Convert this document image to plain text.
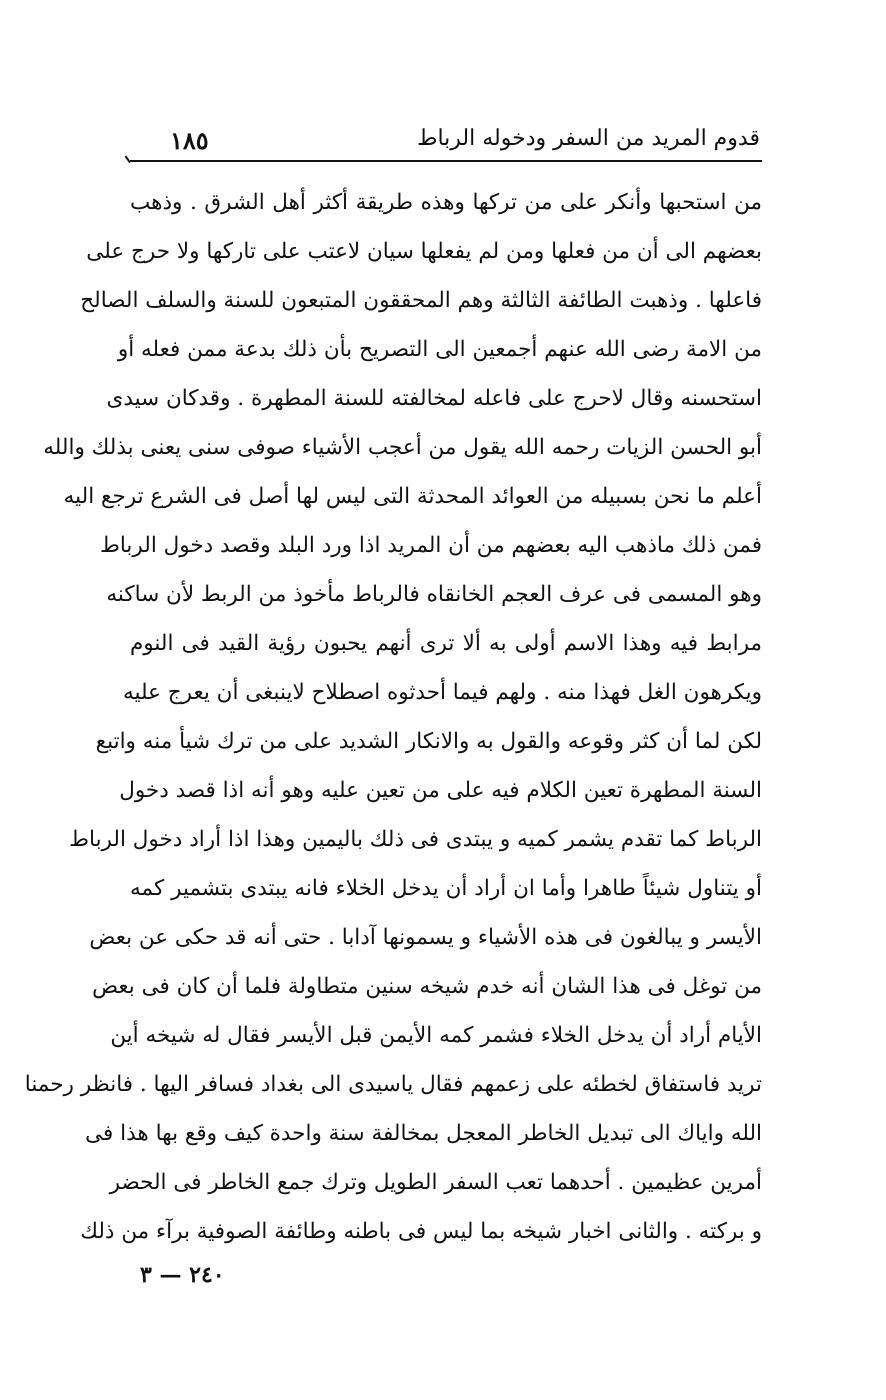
١٨٥	قدوم المريد من السفر ودخوله الرباط
من استحبها وأنكر على من تركها وهذه طريقة أكثر أهل الشرق . وذهب
بعضهم الى أن من فعلها ومن لم يفعلها سيان لاعتب على تاركها ولا حرج على
فاعلها . وذهبت الطائفة الثالثة وهم المحققون المتبعون للسنة والسلف الصالح
من الامة رضى الله عنهم أجمعين الى التصريح بأن ذلك بدعة ممن فعله أو
استحسنه وقال لاحرج على فاعله لمخالفته للسنة المطهرة . وقدكان سيدى
أبو الحسن الزيات رحمه الله يقول من أعجب الأشياء صوفى سنى يعنى بذلك والله
أعلم ما نحن بسبيله من العوائد المحدثة التى ليس لها أصل فى الشرع ترجع اليه
فمن ذلك ماذهب اليه بعضهم من أن المريد اذا ورد البلد وقصد دخول الرباط
وهو المسمى فى عرف العجم الخانقاه فالرباط مأخوذ من الربط لأن ساكنه
مرابط فيه وهذا الاسم أولى به ألا ترى أنهم يحبون رؤية القيد فى النوم
ويكرهون الغل فهذا منه . ولهم فيما أحدثوه اصطلاح لاينبغى أن يعرج عليه
لكن لما أن كثر وقوعه والقول به والانكار الشديد على من ترك شيأ منه واتبع
السنة المطهرة تعين الكلام فيه على من تعين عليه وهو أنه اذا قصد دخول
الرباط كما تقدم يشمر كميه و يبتدى فى ذلك باليمين وهذا اذا أراد دخول الرباط
أو يتناول شيئاً طاهرا وأما ان أراد أن يدخل الخلاء فانه يبتدى بتشمير كمه
الأيسر و يبالغون فى هذه الأشياء و يسمونها آدابا . حتى أنه قد حكى عن بعض
من توغل فى هذا الشان أنه خدم شيخه سنين متطاولة فلما أن كان فى بعض
الأيام أراد أن يدخل الخلاء فشمر كمه الأيمن قبل الأيسر فقال له شيخه أين
تريد فاستفاق لخطئه على زعمهم فقال ياسيدى الى بغداد فسافر اليها . فانظر رحمنا
الله واياك الى تبديل الخاطر المعجل بمخالفة سنة واحدة كيف وقع بها هذا فى
أمرين عظيمين . أحدهما تعب السفر الطويل وترك جمع الخاطر فى الحضر
و بركته . والثانى اخبار شيخه بما ليس فى باطنه وطائفة الصوفية برآء من ذلك
٢٤٠ — ٣
